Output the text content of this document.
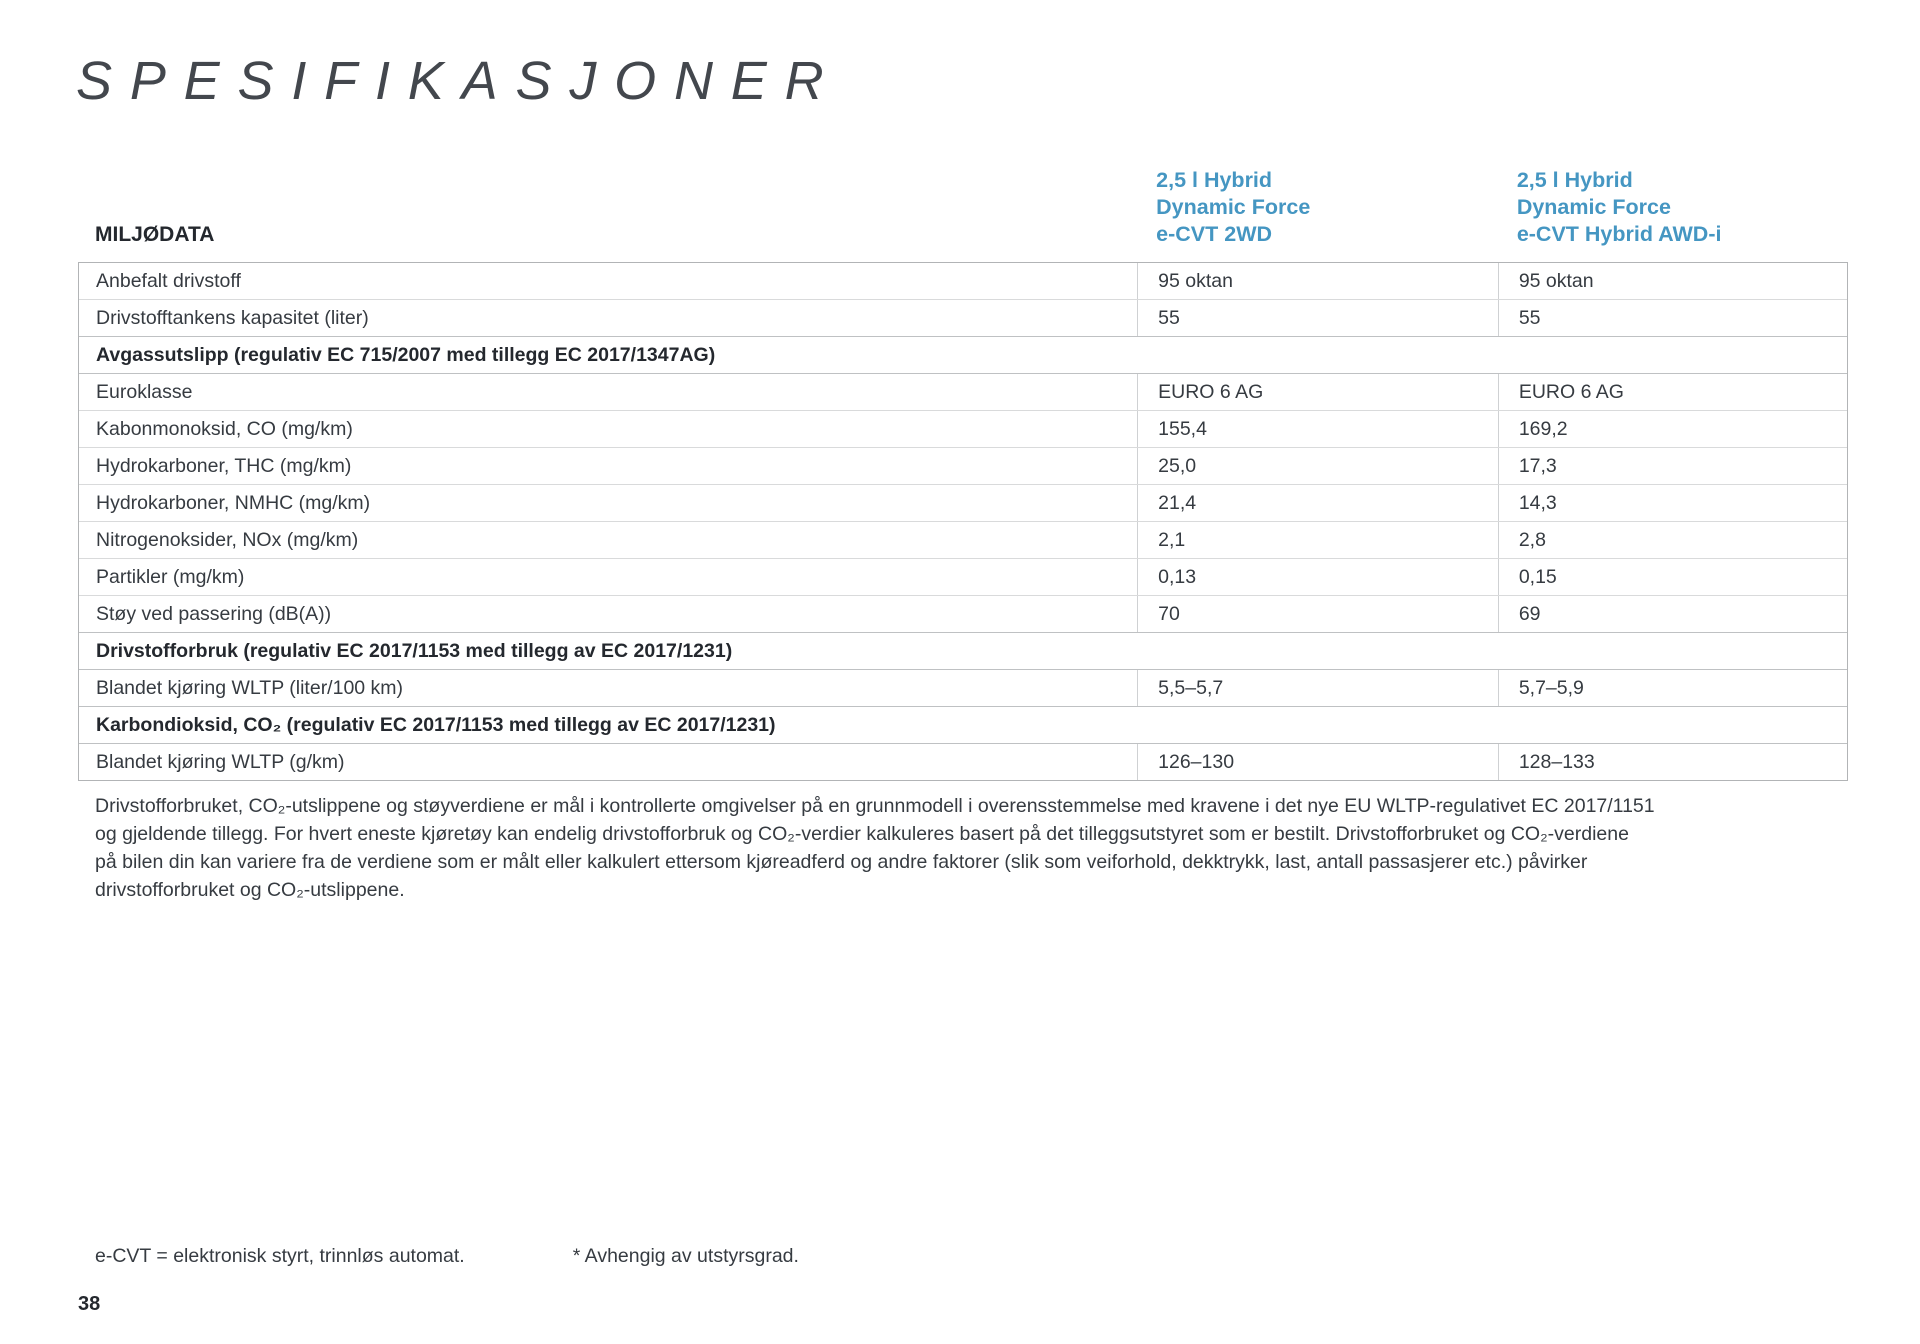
SPESIFIKASJONER
MILJØDATA
2,5 l Hybrid
Dynamic Force
e-CVT 2WD
2,5 l Hybrid
Dynamic Force
e-CVT Hybrid AWD-i
Anbefalt drivstoff	95 oktan	95 oktan
Drivstofftankens kapasitet (liter)	55	55
Avgassutslipp (regulativ EC 715/2007 med tillegg EC 2017/1347AG)
Euroklasse	EURO 6 AG	EURO 6 AG
Kabonmonoksid, CO (mg/km)	155,4	169,2
Hydrokarboner, THC (mg/km)	25,0	17,3
Hydrokarboner, NMHC (mg/km)	21,4	14,3
Nitrogenoksider, NOx (mg/km)	2,1	2,8
Partikler (mg/km)	0,13	0,15
Støy ved passering (dB(A))	70	69
Drivstofforbruk (regulativ EC 2017/1153 med tillegg av EC 2017/1231)
Blandet kjøring WLTP (liter/100 km)	5,5–5,7	5,7–5,9
Karbondioksid, CO₂ (regulativ EC 2017/1153 med tillegg av EC 2017/1231)
Blandet kjøring WLTP (g/km)	126–130	128–133
Drivstofforbruket, CO₂-utslippene og støyverdiene er mål i kontrollerte omgivelser på en grunnmodell i overensstemmelse med kravene i det nye EU WLTP-regulativet EC 2017/1151
og gjeldende tillegg. For hvert eneste kjøretøy kan endelig drivstofforbruk og CO₂-verdier kalkuleres basert på det tilleggsutstyret som er bestilt. Drivstofforbruket og CO₂-verdiene
på bilen din kan variere fra de verdiene som er målt eller kalkulert ettersom kjøreadferd og andre faktorer (slik som veiforhold, dekktrykk, last, antall passasjerer etc.) påvirker
drivstofforbruket og CO₂-utslippene.
e-CVT = elektronisk styrt, trinnløs automat.	* Avhengig av utstyrsgrad.
38
